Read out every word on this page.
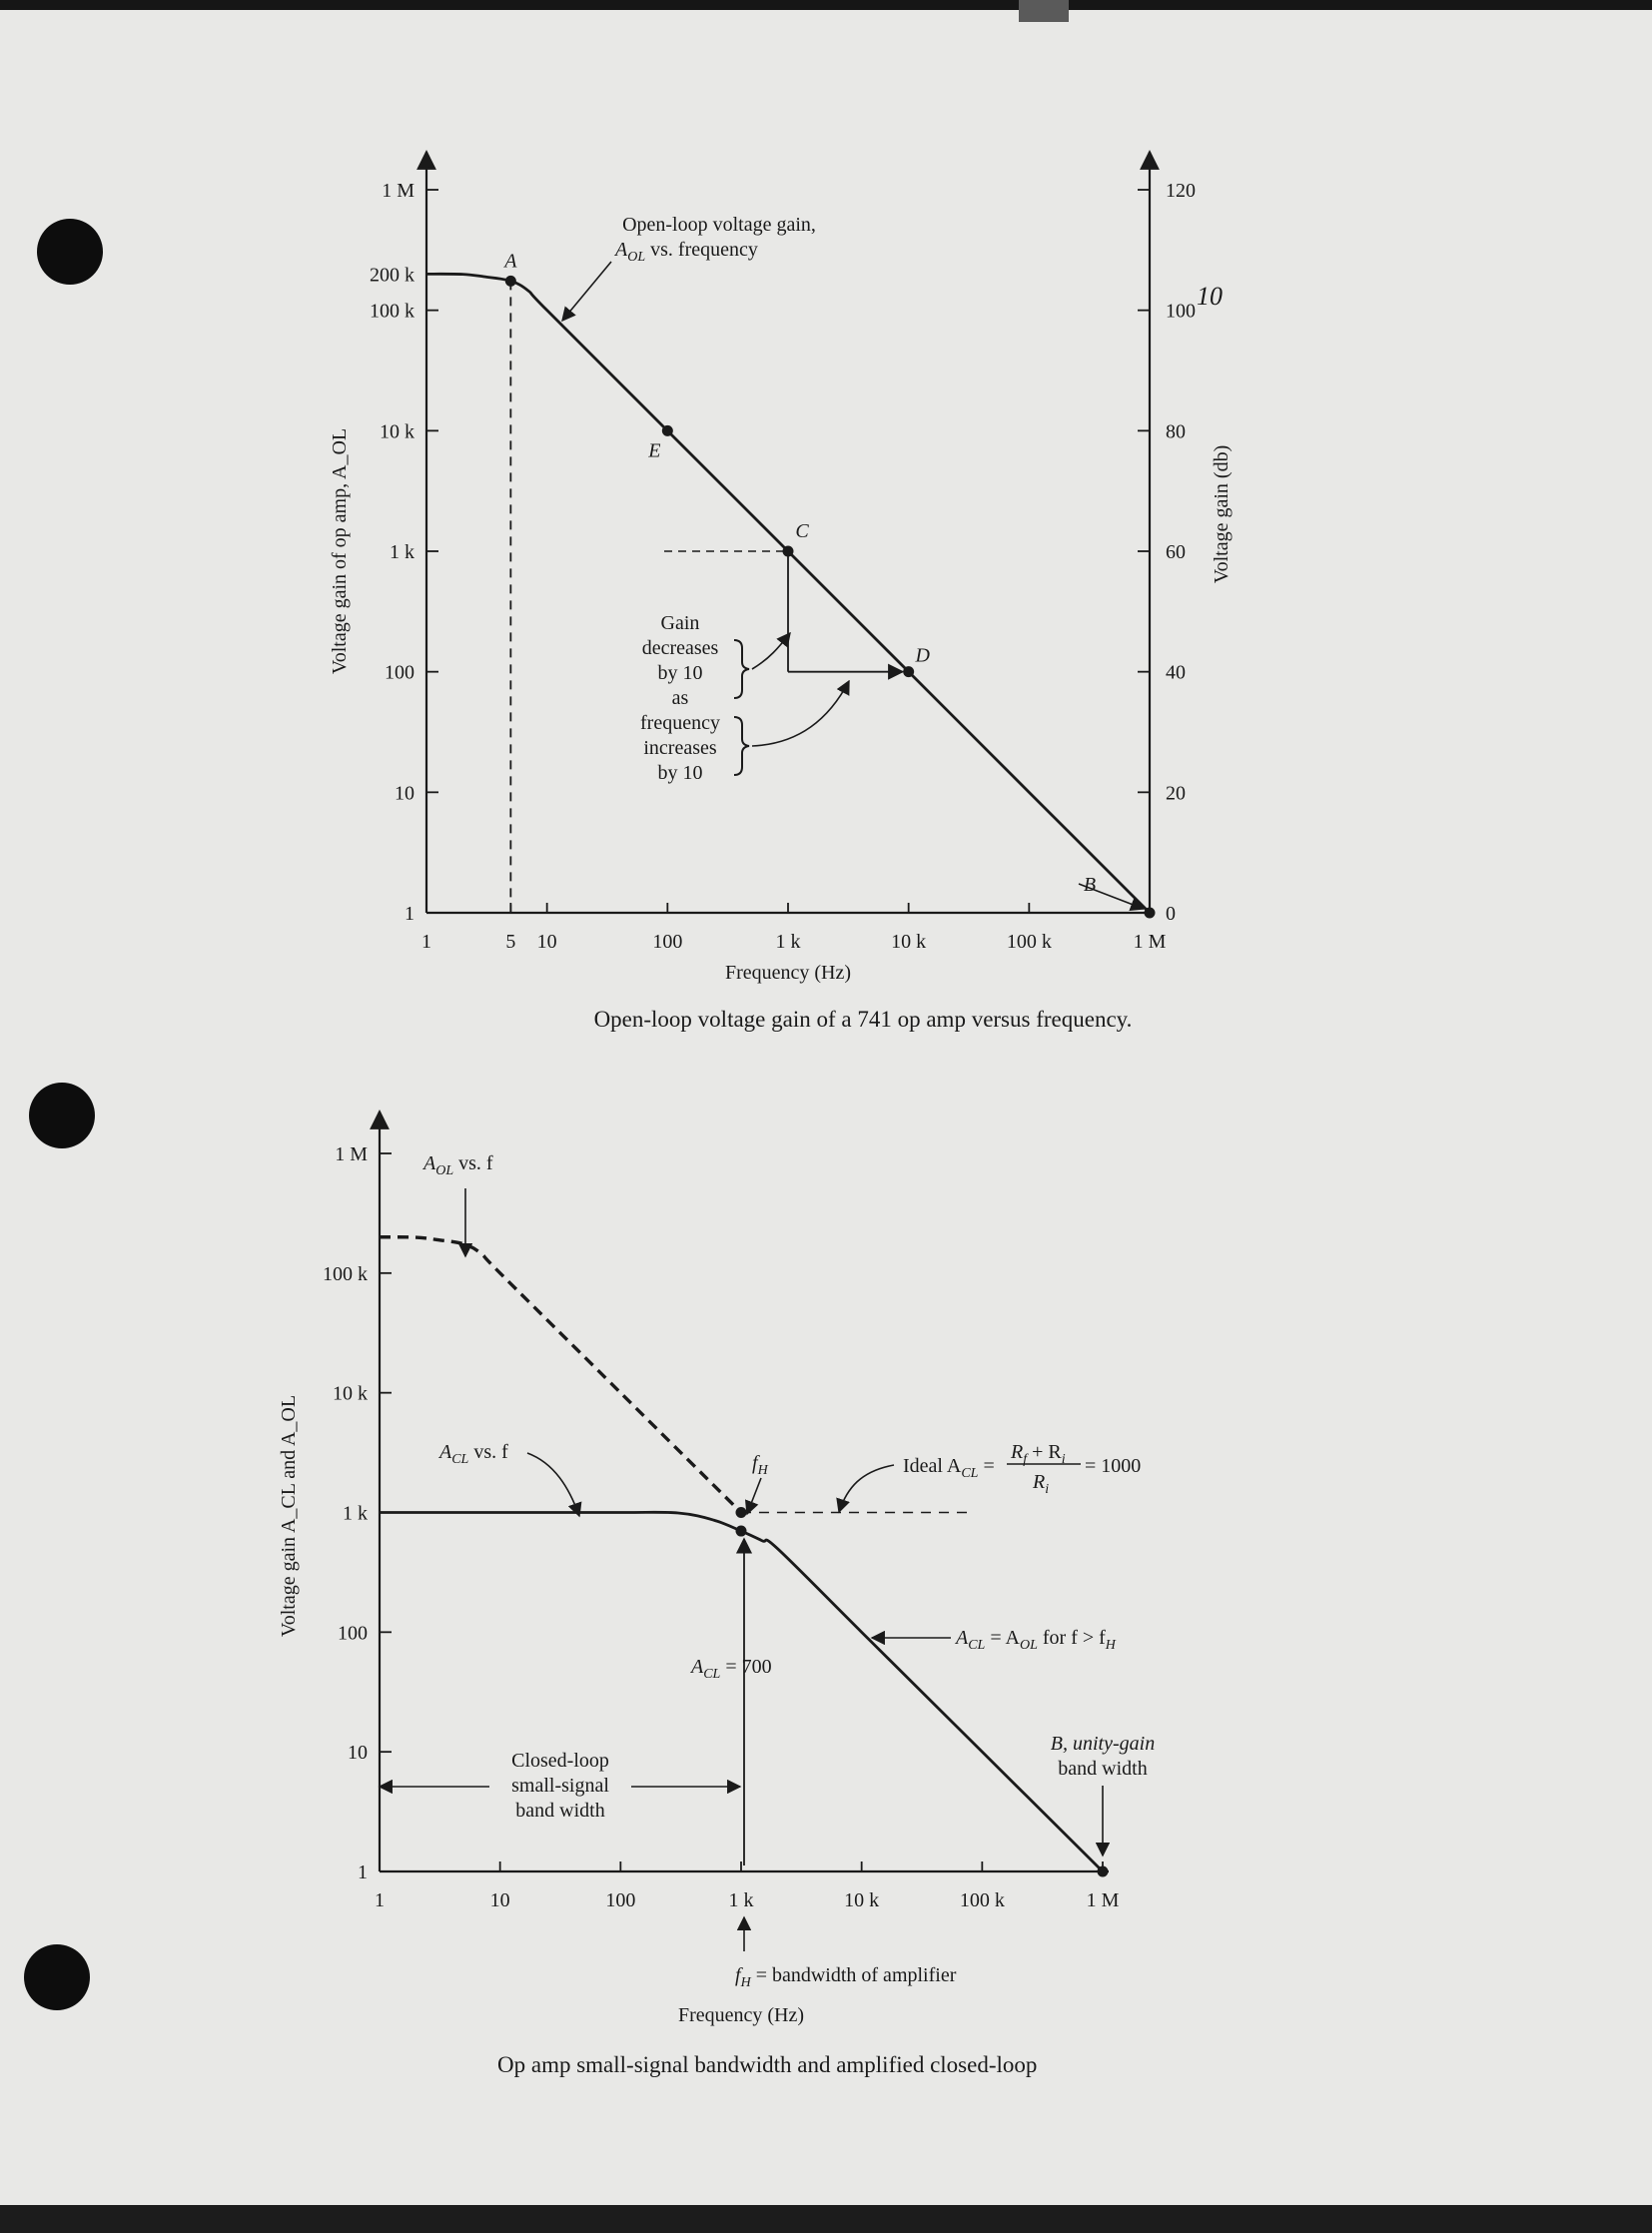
Frequency (Hz)
Open-loop voltage gain of a 741 op amp versus frequency.
Voltage gain of op amp, A_OL	Voltage gain (db)
1	5 10	100	1 k	10 k	100 k	1 M
1
10
100
1 k
10 k
100 k
200 k
1 M
0
20
40
60
80
100
120
A
E
C
D
B
Open-loop voltage gain,
$A_{OL}$ vs. frequency
Gain
decreases
by 10
as
frequency
increases
by 10
Frequency (Hz)
Op amp small-signal bandwidth and amplified closed-loop
Voltage gain A_CL and A_OL
1	10	100	1 k	10 k	100 k	1 M
1
10
100
1 k
10 k
100 k
1 M	$A_{OL}$ vs. f
$A_{CL}$ vs. f	$f_H$	Ideal $A_{CL}$ =
$R_f + R_i$
$R_i$
= 1000
$A_{CL} = 700$
$A_{CL} = A_{OL}$ for $f > f_H$
Closed-loop
small-signal
band width
B, unity-gain
band width
$f_H$ = bandwidth of amplifier
10
